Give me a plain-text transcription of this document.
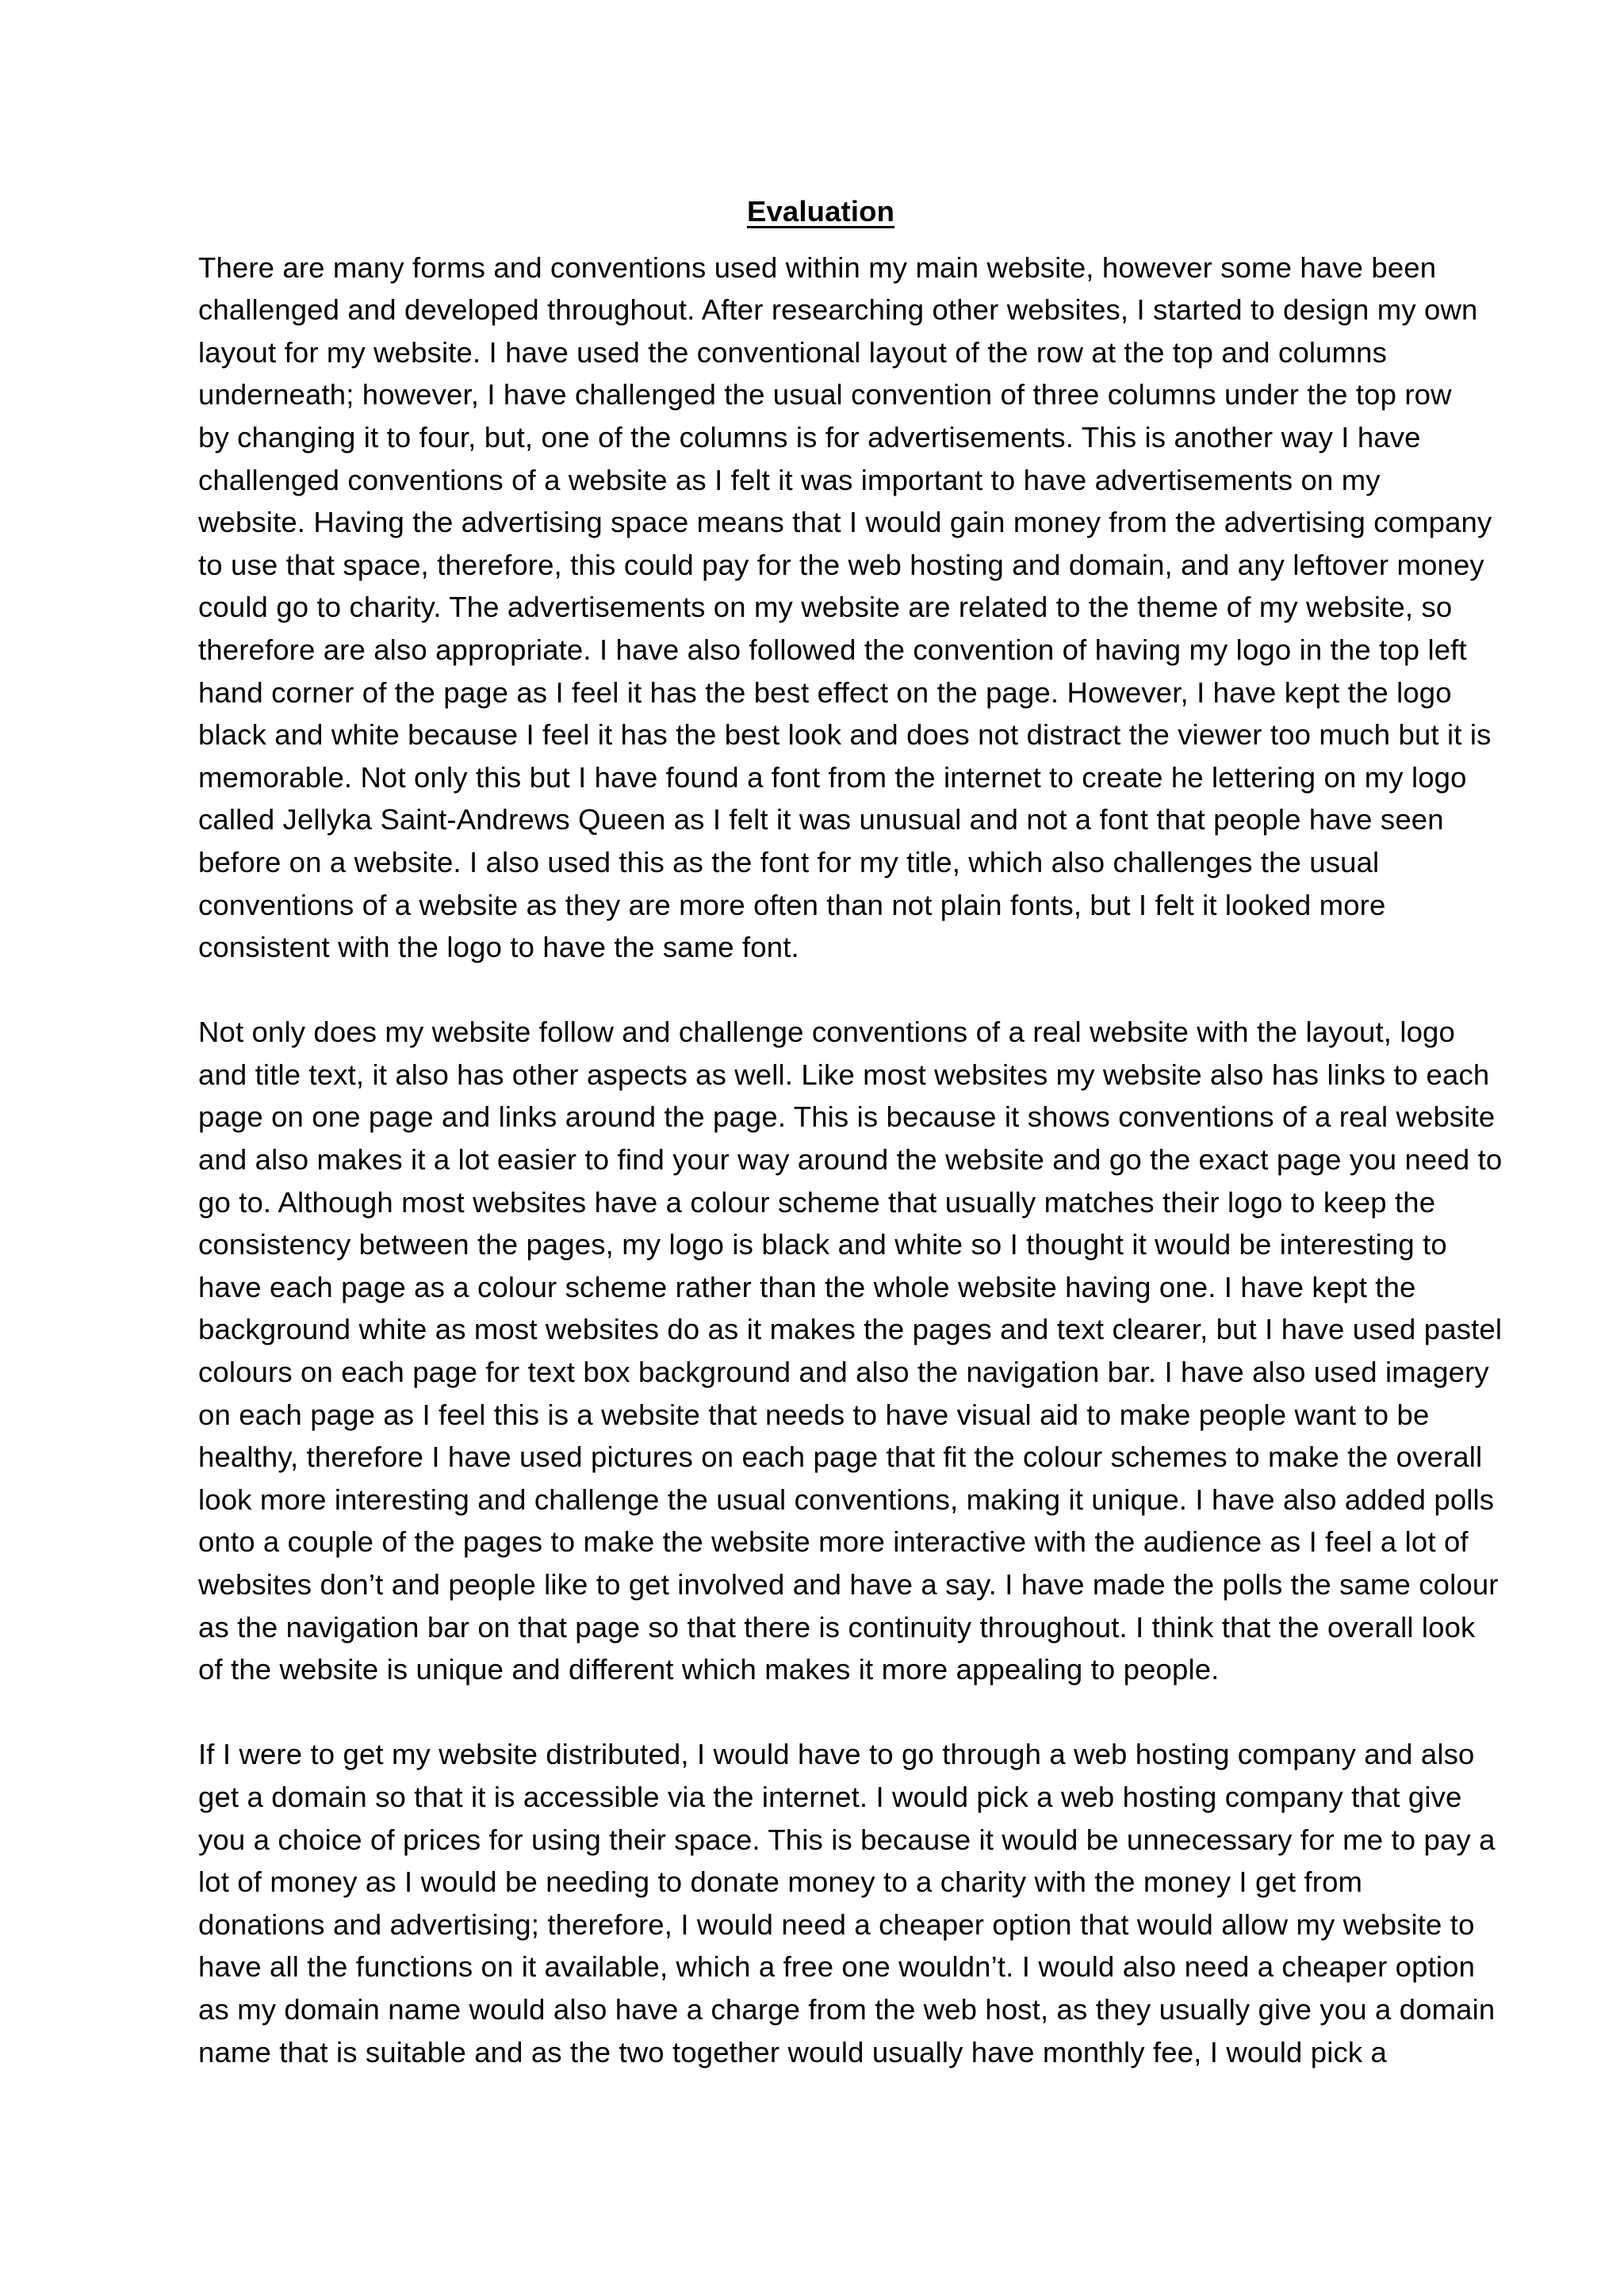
Evaluation
There are many forms and conventions used within my main website, however some have been
challenged and developed throughout. After researching other websites, I started to design my own
layout for my website. I have used the conventional layout of the row at the top and columns
underneath; however, I have challenged the usual convention of three columns under the top row
by changing it to four, but, one of the columns is for advertisements. This is another way I have
challenged conventions of a website as I felt it was important to have advertisements on my
website. Having the advertising space means that I would gain money from the advertising company
to use that space, therefore, this could pay for the web hosting and domain, and any leftover money
could go to charity. The advertisements on my website are related to the theme of my website, so
therefore are also appropriate. I have also followed the convention of having my logo in the top left
hand corner of the page as I feel it has the best effect on the page. However, I have kept the logo
black and white because I feel it has the best look and does not distract the viewer too much but it is
memorable. Not only this but I have found a font from the internet to create he lettering on my logo
called Jellyka Saint-Andrews Queen as I felt it was unusual and not a font that people have seen
before on a website. I also used this as the font for my title, which also challenges the usual
conventions of a website as they are more often than not plain fonts, but I felt it looked more
consistent with the logo to have the same font.
Not only does my website follow and challenge conventions of a real website with the layout, logo
and title text, it also has other aspects as well. Like most websites my website also has links to each
page on one page and links around the page. This is because it shows conventions of a real website
and also makes it a lot easier to find your way around the website and go the exact page you need to
go to. Although most websites have a colour scheme that usually matches their logo to keep the
consistency between the pages, my logo is black and white so I thought it would be interesting to
have each page as a colour scheme rather than the whole website having one. I have kept the
background white as most websites do as it makes the pages and text clearer, but I have used pastel
colours on each page for text box background and also the navigation bar. I have also used imagery
on each page as I feel this is a website that needs to have visual aid to make people want to be
healthy, therefore I have used pictures on each page that fit the colour schemes to make the overall
look more interesting and challenge the usual conventions, making it unique. I have also added polls
onto a couple of the pages to make the website more interactive with the audience as I feel a lot of
websites don’t and people like to get involved and have a say. I have made the polls the same colour
as the navigation bar on that page so that there is continuity throughout. I think that the overall look
of the website is unique and different which makes it more appealing to people.
If I were to get my website distributed, I would have to go through a web hosting company and also
get a domain so that it is accessible via the internet. I would pick a web hosting company that give
you a choice of prices for using their space. This is because it would be unnecessary for me to pay a
lot of money as I would be needing to donate money to a charity with the money I get from
donations and advertising; therefore, I would need a cheaper option that would allow my website to
have all the functions on it available, which a free one wouldn’t. I would also need a cheaper option
as my domain name would also have a charge from the web host, as they usually give you a domain
name that is suitable and as the two together would usually have monthly fee, I would pick a
